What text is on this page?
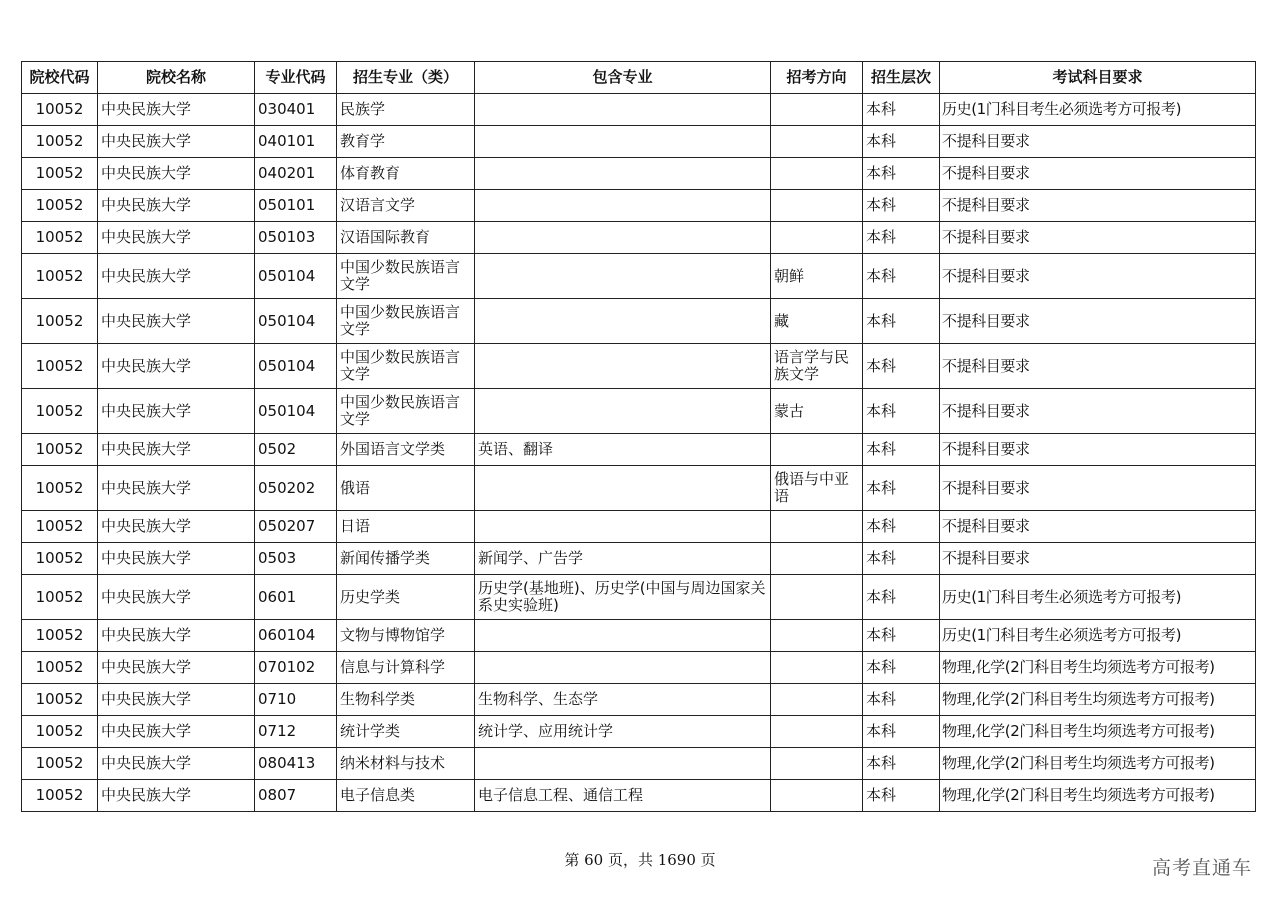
院校代码	院校名称	专业代码	招生专业（类）	包含专业	招考方向	招生层次	考试科目要求
10052	中央民族大学	030401	民族学			本科	历史(1门科目考生必须选考方可报考)
10052	中央民族大学	040101	教育学			本科	不提科目要求
10052	中央民族大学	040201	体育教育			本科	不提科目要求
10052	中央民族大学	050101	汉语言文学			本科	不提科目要求
10052	中央民族大学	050103	汉语国际教育			本科	不提科目要求
10052	中央民族大学	050104	中国少数民族语言文学		朝鲜	本科	不提科目要求
10052	中央民族大学	050104	中国少数民族语言文学		藏	本科	不提科目要求
10052	中央民族大学	050104	中国少数民族语言文学		语言学与民族文学	本科	不提科目要求
10052	中央民族大学	050104	中国少数民族语言文学		蒙古	本科	不提科目要求
10052	中央民族大学	0502	外国语言文学类	英语、翻译		本科	不提科目要求
10052	中央民族大学	050202	俄语		俄语与中亚语	本科	不提科目要求
10052	中央民族大学	050207	日语			本科	不提科目要求
10052	中央民族大学	0503	新闻传播学类	新闻学、广告学		本科	不提科目要求
10052	中央民族大学	0601	历史学类	历史学(基地班)、历史学(中国与周边国家关系史实验班)		本科	历史(1门科目考生必须选考方可报考)
10052	中央民族大学	060104	文物与博物馆学			本科	历史(1门科目考生必须选考方可报考)
10052	中央民族大学	070102	信息与计算科学			本科	物理,化学(2门科目考生均须选考方可报考)
10052	中央民族大学	0710	生物科学类	生物科学、生态学		本科	物理,化学(2门科目考生均须选考方可报考)
10052	中央民族大学	0712	统计学类	统计学、应用统计学		本科	物理,化学(2门科目考生均须选考方可报考)
10052	中央民族大学	080413	纳米材料与技术			本科	物理,化学(2门科目考生均须选考方可报考)
10052	中央民族大学	0807	电子信息类	电子信息工程、通信工程		本科	物理,化学(2门科目考生均须选考方可报考)
第 60 页，共 1690 页	高考直通车
